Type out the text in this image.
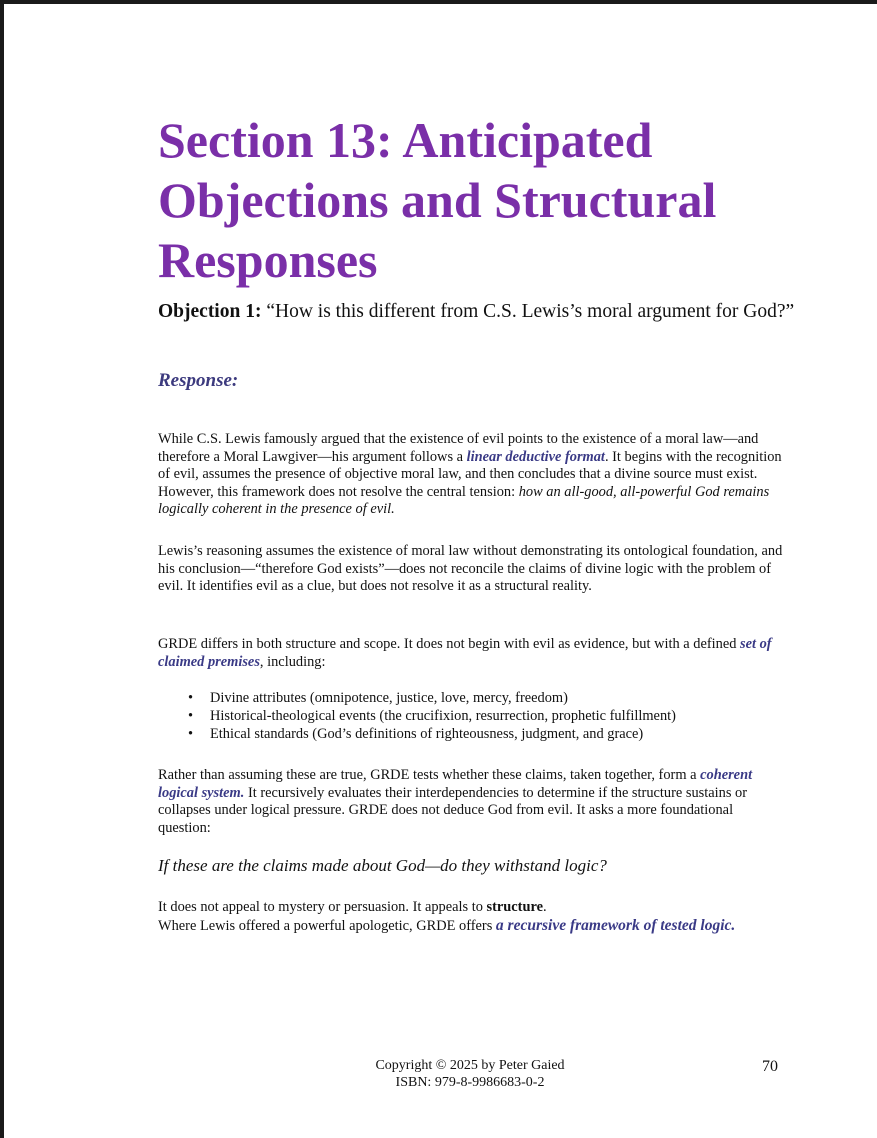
Section 13: Anticipated
Objections and Structural
Responses

Objection 1: “How is this different from C.S. Lewis’s moral argument for God?”

Response:

While C.S. Lewis famously argued that the existence of evil points to the existence of a moral law—and therefore a Moral Lawgiver—his argument follows a linear deductive format. It begins with the recognition of evil, assumes the presence of objective moral law, and then concludes that a divine source must exist. However, this framework does not resolve the central tension: how an all-good, all-powerful God remains logically coherent in the presence of evil.

Lewis’s reasoning assumes the existence of moral law without demonstrating its ontological foundation, and his conclusion—“therefore God exists”—does not reconcile the claims of divine logic with the problem of evil. It identifies evil as a clue, but does not resolve it as a structural reality.

GRDE differs in both structure and scope. It does not begin with evil as evidence, but with a defined set of claimed premises, including:

• Divine attributes (omnipotence, justice, love, mercy, freedom)
• Historical-theological events (the crucifixion, resurrection, prophetic fulfillment)
• Ethical standards (God’s definitions of righteousness, judgment, and grace)

Rather than assuming these are true, GRDE tests whether these claims, taken together, form a coherent logical system. It recursively evaluates their interdependencies to determine if the structure sustains or collapses under logical pressure. GRDE does not deduce God from evil. It asks a more foundational question:

If these are the claims made about God—do they withstand logic?

It does not appeal to mystery or persuasion. It appeals to structure.

Where Lewis offered a powerful apologetic, GRDE offers a recursive framework of tested logic.

Copyright © 2025 by Peter Gaied
ISBN: 979-8-9986683-0-2
70
